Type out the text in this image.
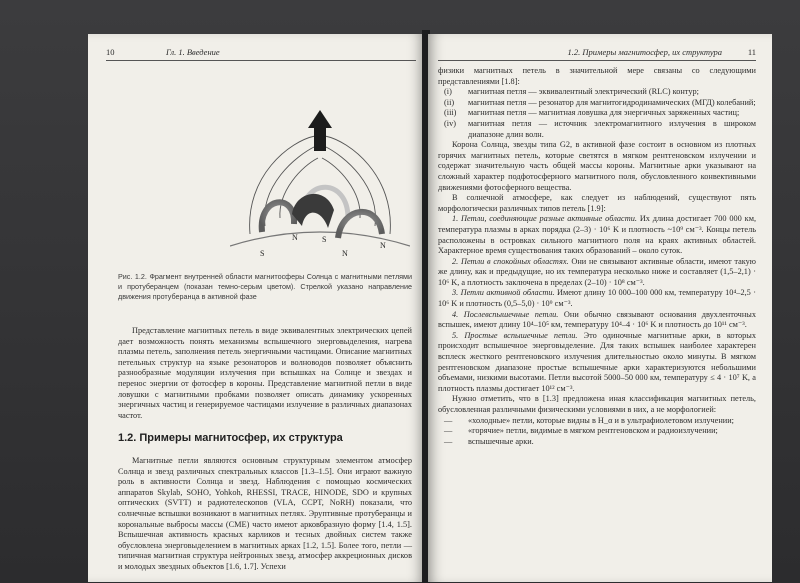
10	Гл. 1. Введение
S
N	S
N
N
Рис. 1.2. Фрагмент внутренней области магнитосферы Солнца с магнитными петлями и протуберанцем (показан темно-серым цветом). Стрелкой указано направление движения протуберанца в активной фазе

Представление магнитных петель в виде эквивалентных электрических цепей дает возможность понять механизмы вспышечного энерговыделения, нагрева плазмы петель, заполнения петель энергичными частицами. Описание магнитных петельных структур на языке резонаторов и волноводов позволяет объяснить разнообразные модуляции излучения при вспышках на Солнце и звездах и перенос энергии от фотосфер в короны. Представление магнитной петли в виде ловушки с магнитными пробками позволяет описать динамику ускоренных энергичных частиц и генерируемое частицами излучение в различных диапазонах частот.

1.2. Примеры магнитосфер, их структура

Магнитные петли являются основным структурным элементом атмосфер Солнца и звезд различных спектральных классов [1.3–1.5]. Они играют важную роль в активности Солнца и звезд. Наблюдения с помощью космических аппаратов Skylab, SOHO, Yohkoh, RHESSI, TRACE, HINODE, SDO и крупных оптических (SVTT) и радиотелескопов (VLA, CCPT, NoRH) показали, что солнечные вспышки возникают в магнитных петлях. Эруптивные протуберанцы и корональные выбросы массы (CME) часто имеют арковбразную форму [1.4, 1.5]. Вспышечная активность красных карликов и тесных двойных систем также обусловлена энерговыделением в магнитных арках [1.2, 1.5]. Более того, петли — типичная магнитная структура нейтронных звезд, атмосфер аккреционных дисков и молодых звездных объектов [1.6, 1.7]. Успехи

1.2. Примеры магнитосфер, их структура	11

физики магнитных петель в значительной мере связаны со следующими представлениями [1.8]:

(i) магнитная петля — эквивалентный электрический (RLC) контур;
(ii) магнитная петля — резонатор для магнитогидродинамических (МГД) колебаний;
(iii) магнитная петля — магнитная ловушка для энергичных заряженных частиц;
(iv) магнитная петля — источник электромагнитного излучения в широком диапазоне длин волн.

Корона Солнца, звезды типа G2, в активной фазе состоит в основном из плотных горячих магнитных петель, которые светятся в мягком рентгеновском излучении и содержат значительную часть общей массы короны. Магнитные арки указывают на сложный характер подфотосферного магнитного поля, обусловленного конвективными движениями фотосферного вещества.

В солнечной атмосфере, как следует из наблюдений, существуют пять морфологически различных типов петель [1.9]:

1. Петли, соединяющие разные активные области. Их длина достигает 700 000 км, температура плазмы в арках порядка (2–3) · 10⁶ K и плотность ~10⁹ см⁻³. Концы петель расположены в островках сильного магнитного поля на краях активных областей. Характерное время существования таких образований – около суток.

2. Петли в спокойных областях. Они не связывают активные области, имеют такую же длину, как и предыдущие, но их температура несколько ниже и составляет (1,5–2,1) · 10⁶ K, а плотность заключена в пределах (2–10) · 10⁸ см⁻³.

3. Петли активной области. Имеют длину 10 000–100 000 км, температуру 10⁴–2,5 · 10⁶ K и плотность (0,5–5,0) · 10⁹ см⁻³.

4. Послевспышечные петли. Они обычно связывают основания двухленточных вспышек, имеют длину 10⁴–10⁵ км, температуру 10⁴–4 · 10⁶ K и плотность до 10¹¹ см⁻³.

5. Простые вспышечные петли. Это одиночные магнитные арки, в которых происходит вспышечное энерговыделение. Для таких вспышек наиболее характерен всплеск жесткого рентгеновского излучения длительностью около минуты. В мягком рентгеновском диапазоне простые вспышечные арки характеризуются небольшими объемами, низкими высотами. Петли высотой 5000–50 000 км, температуру ≤ 4 · 10⁷ K, а плотность плазмы достигает 10¹² см⁻³.

Нужно отметить, что в [1.3] предложена иная классификация магнитных петель, обусловленная различными физическими условиями в них, а не морфологией:

— «холодные» петли, которые видны в H_α и в ультрафиолетовом излучении;
— «горячие» петли, видимые в мягком рентгеновском и радиоизлучении;
— вспышечные арки.
